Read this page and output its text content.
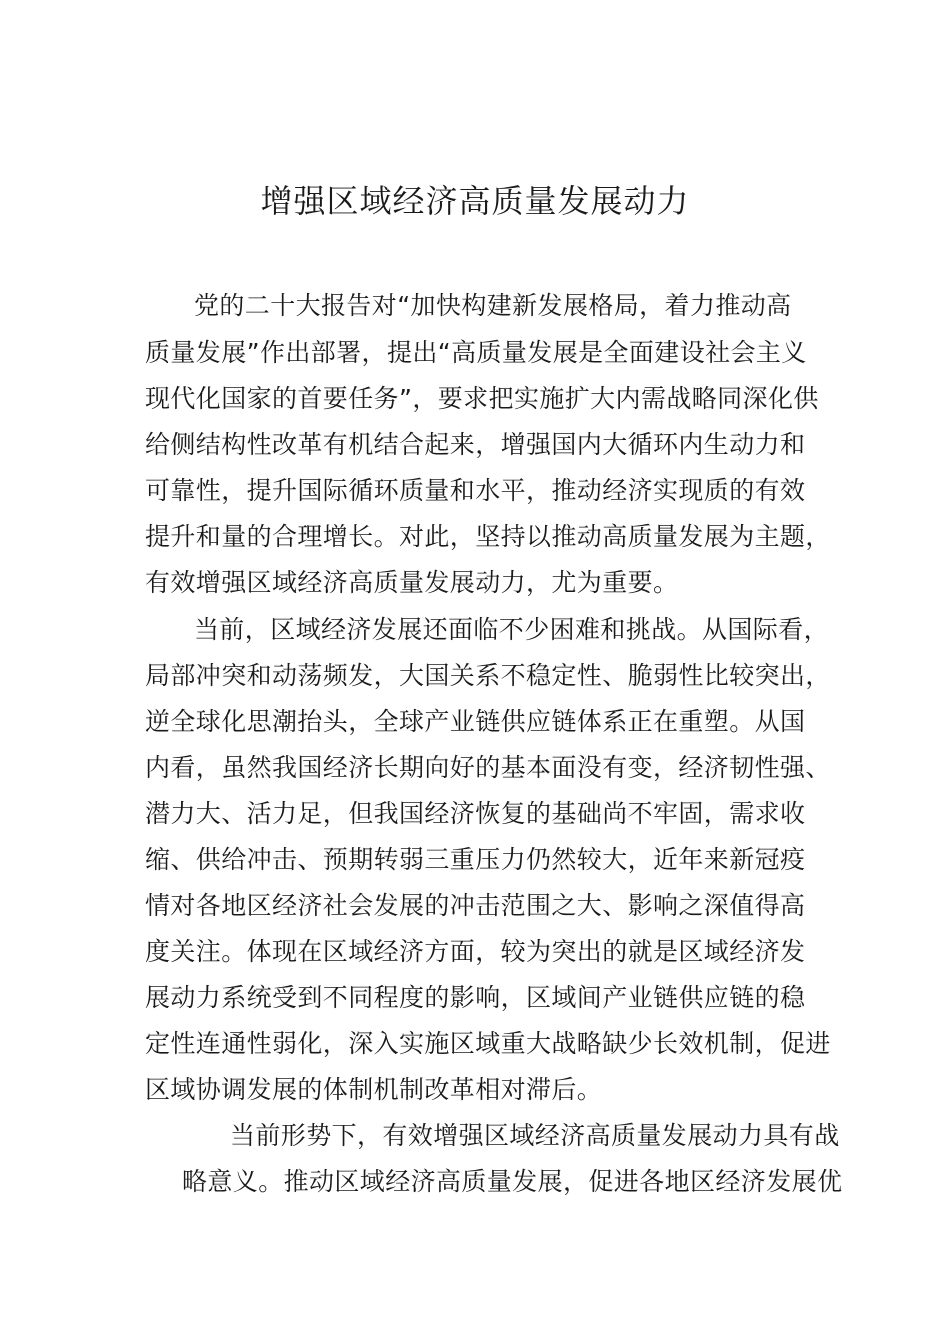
增强区域经济高质量发展动力
党的二十大报告对“加快构建新发展格局，着力推动高
质量发展”作出部署，提出“高质量发展是全面建设社会主义
现代化国家的首要任务”，要求把实施扩大内需战略同深化供
给侧结构性改革有机结合起来，增强国内大循环内生动力和
可靠性，提升国际循环质量和水平，推动经济实现质的有效
提升和量的合理增长。对此，坚持以推动高质量发展为主题，
有效增强区域经济高质量发展动力，尤为重要。
当前，区域经济发展还面临不少困难和挑战。从国际看，
局部冲突和动荡频发，大国关系不稳定性、脆弱性比较突出，
逆全球化思潮抬头，全球产业链供应链体系正在重塑。从国
内看，虽然我国经济长期向好的基本面没有变，经济韧性强、
潜力大、活力足，但我国经济恢复的基础尚不牢固，需求收
缩、供给冲击、预期转弱三重压力仍然较大，近年来新冠疫
情对各地区经济社会发展的冲击范围之大、影响之深值得高
度关注。体现在区域经济方面，较为突出的就是区域经济发
展动力系统受到不同程度的影响，区域间产业链供应链的稳
定性连通性弱化，深入实施区域重大战略缺少长效机制，促进
区域协调发展的体制机制改革相对滞后。
当前形势下，有效增强区域经济高质量发展动力具有战
略意义。推动区域经济高质量发展，促进各地区经济发展优
